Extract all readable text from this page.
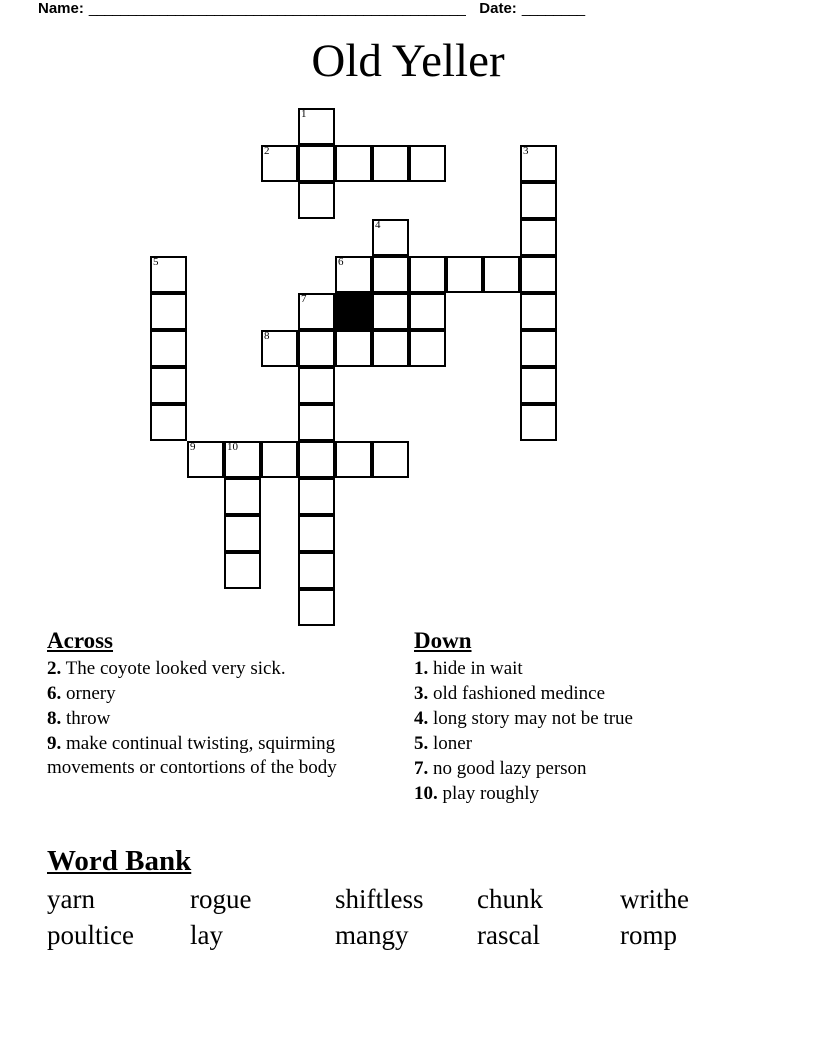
Name: ________________________________________________ Date: ________
Old Yeller
1
2	3
4
5	6
7
8
9	10
Across

2. The coyote looked very sick.

6. ornery

8. throw

9. make continual twisting, squirming movements or contortions of the body

Down

1. hide in wait

3. old fashioned medince

4. long story may not be true

5. loner

7. no good lazy person

10. play roughly

Word Bank
yarn	rogue	shiftless	chunk	writhe
poultice	lay	mangy	rascal	romp
